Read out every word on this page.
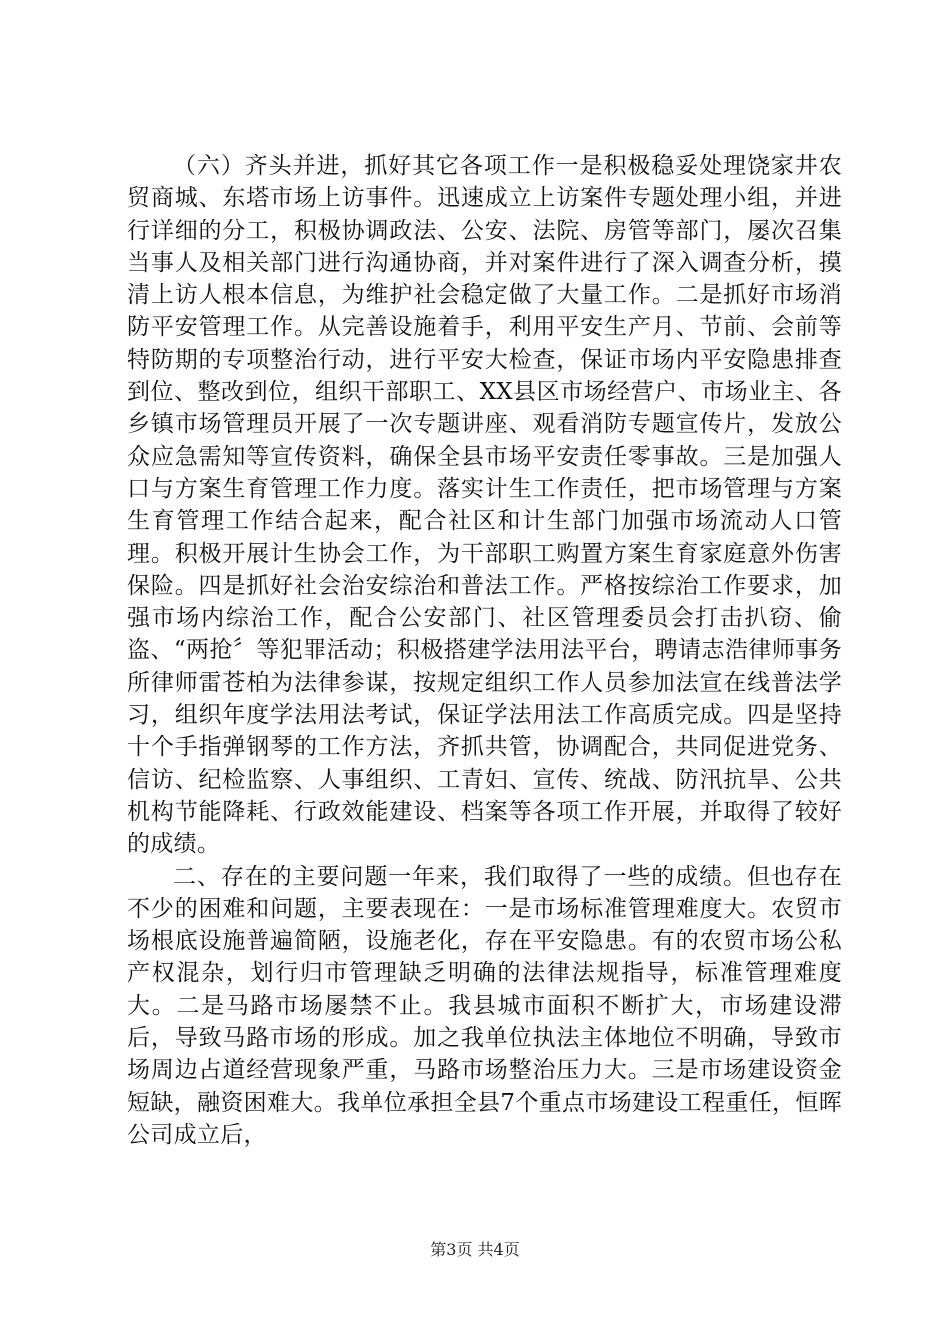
（六）齐头并进，抓好其它各项工作一是积极稳妥处理饶家井农贸商城、东塔市场上访事件。迅速成立上访案件专题处理小组，并进行详细的分工，积极协调政法、公安、法院、房管等部门，屡次召集当事人及相关部门进行沟通协商，并对案件进行了深入调查分析，摸清上访人根本信息，为维护社会稳定做了大量工作。二是抓好市场消防平安管理工作。从完善设施着手，利用平安生产月、节前、会前等特防期的专项整治行动，进行平安大检查，保证市场内平安隐患排查到位、整改到位，组织干部职工、XX县区市场经营户、市场业主、各乡镇市场管理员开展了一次专题讲座、观看消防专题宣传片，发放公众应急需知等宣传资料，确保全县市场平安责任零事故。三是加强人口与方案生育管理工作力度。落实计生工作责任，把市场管理与方案生育管理工作结合起来，配合社区和计生部门加强市场流动人口管理。积极开展计生协会工作，为干部职工购置方案生育家庭意外伤害保险。四是抓好社会治安综治和普法工作。严格按综治工作要求，加强市场内综治工作，配合公安部门、社区管理委员会打击扒窃、偷盗、“两抢〞等犯罪活动；积极搭建学法用法平台，聘请志浩律师事务所律师雷苍柏为法律参谋，按规定组织工作人员参加法宣在线普法学习，组织年度学法用法考试，保证学法用法工作高质完成。四是坚持十个手指弹钢琴的工作方法，齐抓共管，协调配合，共同促进党务、信访、纪检监察、人事组织、工青妇、宣传、统战、防汛抗旱、公共机构节能降耗、行政效能建设、档案等各项工作开展，并取得了较好的成绩。

二、存在的主要问题一年来，我们取得了一些的成绩。但也存在不少的困难和问题，主要表现在：一是市场标准管理难度大。农贸市场根底设施普遍简陋，设施老化，存在平安隐患。有的农贸市场公私产权混杂，划行归市管理缺乏明确的法律法规指导，标准管理难度大。二是马路市场屡禁不止。我县城市面积不断扩大，市场建设滞后，导致马路市场的形成。加之我单位执法主体地位不明确，导致市场周边占道经营现象严重，马路市场整治压力大。三是市场建设资金短缺，融资困难大。我单位承担全县7个重点市场建设工程重任，恒晖公司成立后，

第3页 共4页
